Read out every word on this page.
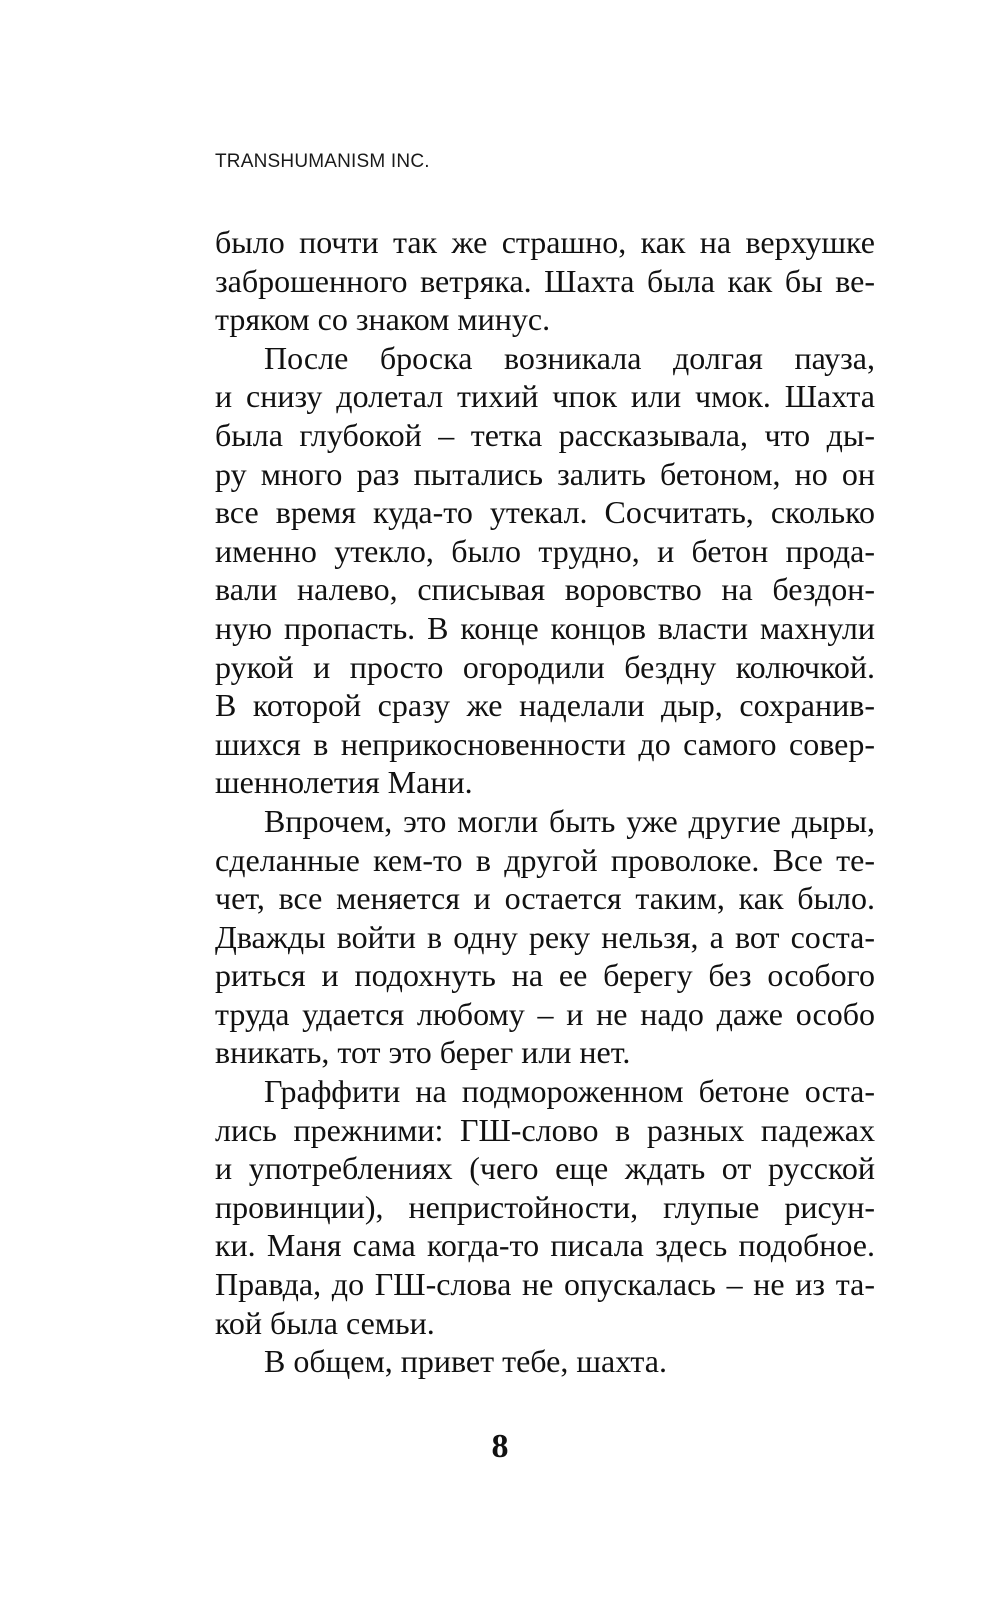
TRANSHUMANISM INC.
было почти так же страшно, как на верхушке
заброшенного ветряка. Шахта была как бы ве-
тряком со знаком минус.
После броска возникала долгая пауза,
и снизу долетал тихий чпок или чмок. Шахта
была глубокой – тетка рассказывала, что ды-
ру много раз пытались залить бетоном, но он
все время куда-то утекал. Сосчитать, сколько
именно утекло, было трудно, и бетон прода-
вали налево, списывая воровство на бездон-
ную пропасть. В конце концов власти махнули
рукой и просто огородили бездну колючкой.
В которой сразу же наделали дыр, сохранив-
шихся в неприкосновенности до самого совер-
шеннолетия Мани.
Впрочем, это могли быть уже другие дыры,
сделанные кем-то в другой проволоке. Все те-
чет, все меняется и остается таким, как было.
Дважды войти в одну реку нельзя, а вот соста-
риться и подохнуть на ее берегу без особого
труда удается любому – и не надо даже особо
вникать, тот это берег или нет.
Граффити на подмороженном бетоне оста-
лись прежними: ГШ-слово в разных падежах
и употреблениях (чего еще ждать от русской
провинции), непристойности, глупые рисун-
ки. Маня сама когда-то писала здесь подобное.
Правда, до ГШ-слова не опускалась – не из та-
кой была семьи.
В общем, привет тебе, шахта.
8
